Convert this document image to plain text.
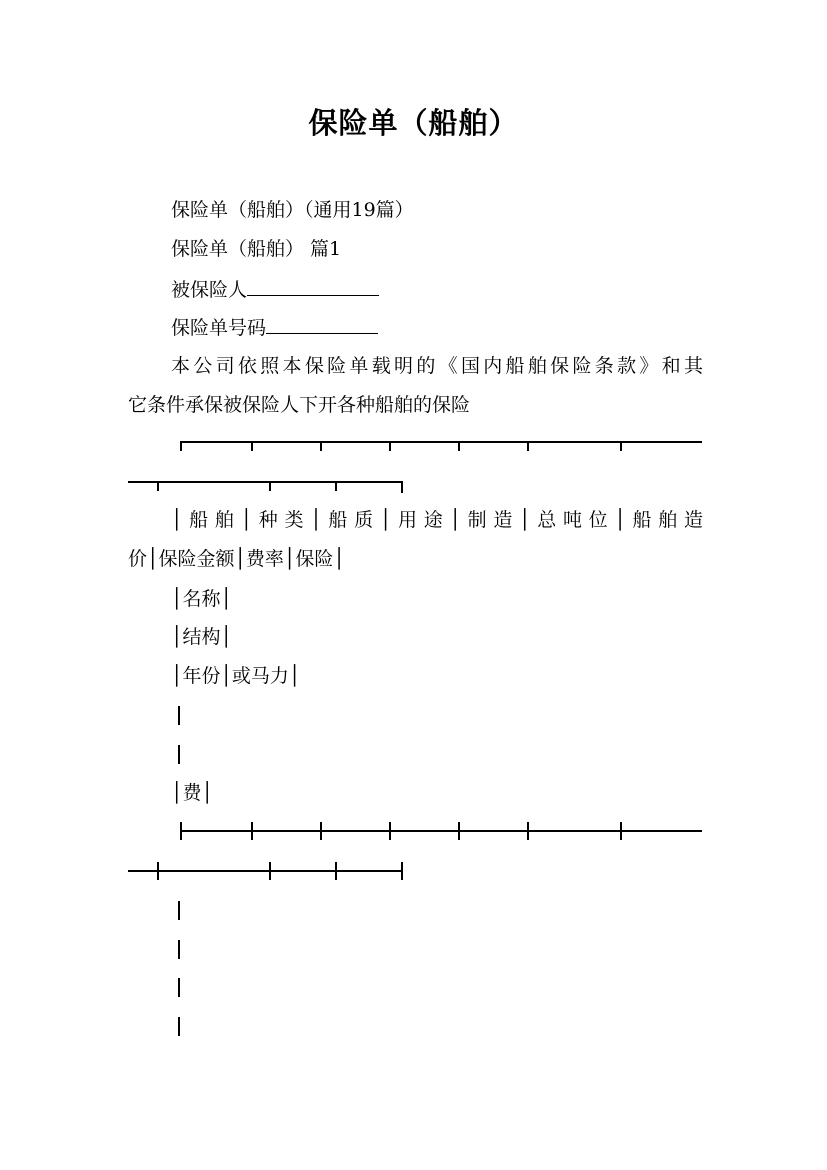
保险单（船舶）
保险单（船舶）（通用19篇）
保险单（船舶） 篇1
被保险人
保险单号码
本公司依照本保险单载明的《国内船舶保险条款》和其
它条件承保被保险人下开各种船舶的保险
│船舶│种类│船质│用途│制造│总吨位│船舶造
价│保险金额│费率│保险│
│名称│
│结构│
│年份│或马力│
│费│
